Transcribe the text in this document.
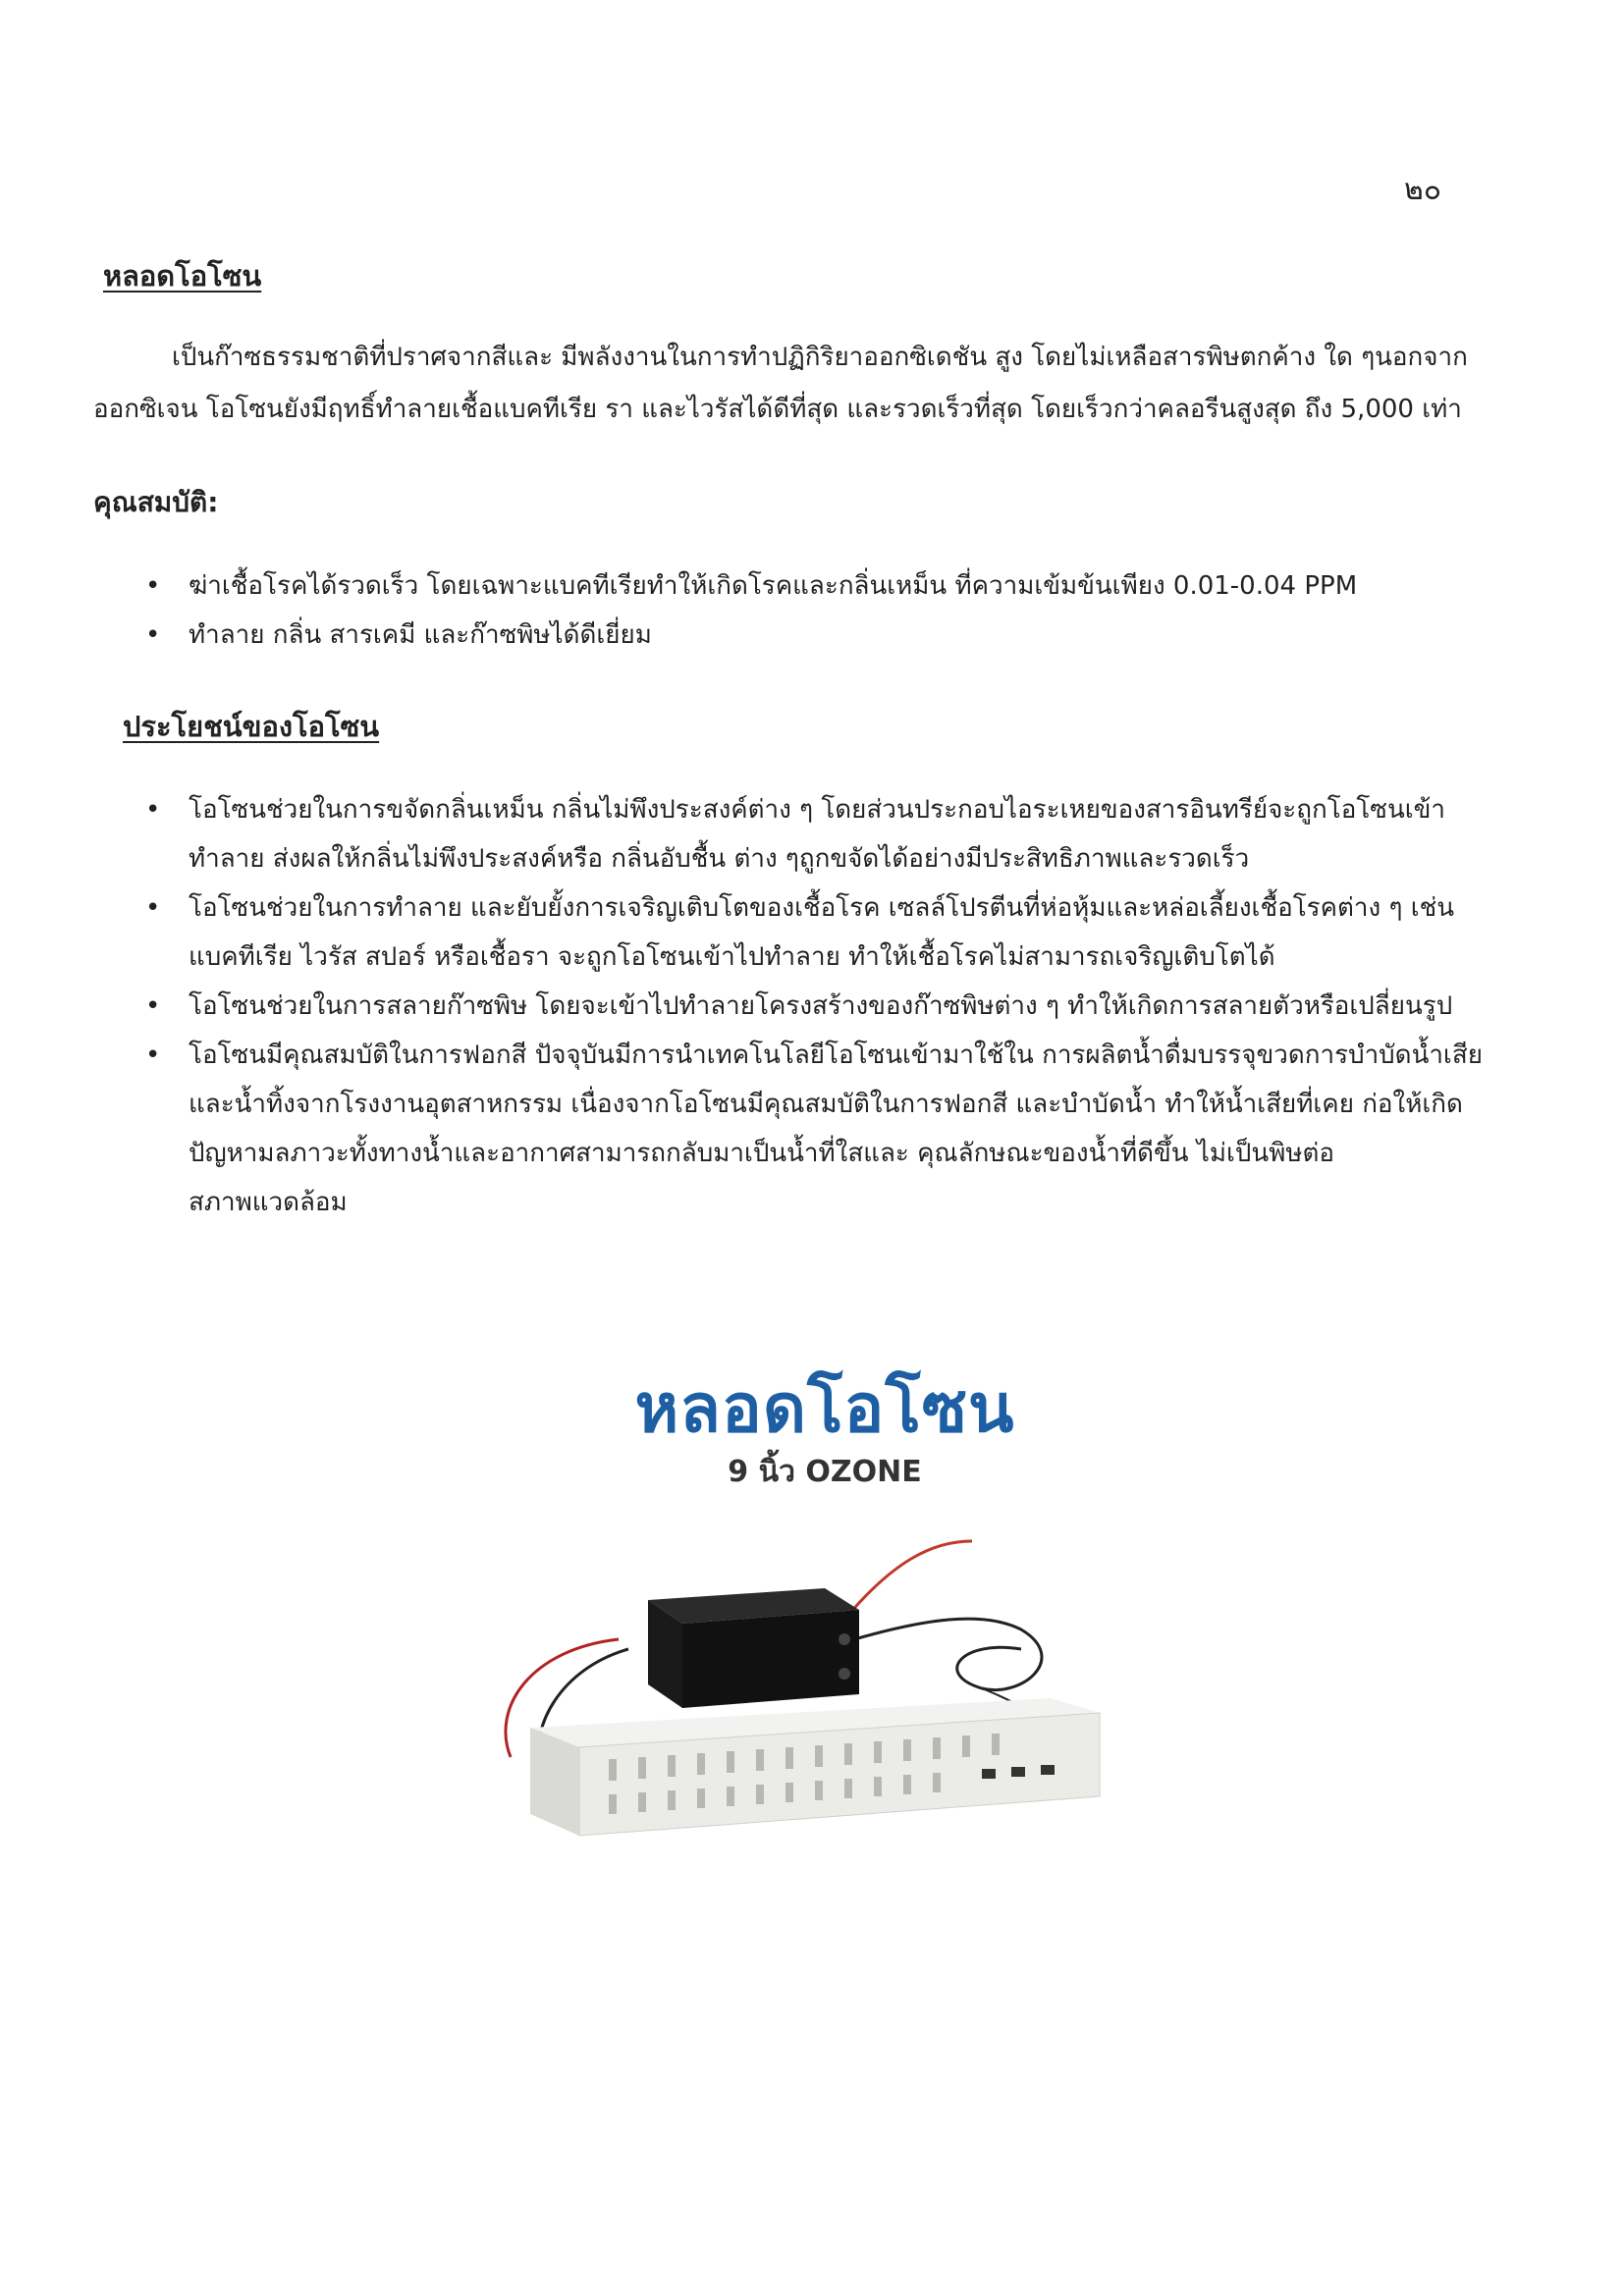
๒๐
หลอดโอโซน

เป็นก๊าซธรรมชาติที่ปราศจากสีและ มีพลังงานในการทำปฏิกิริยาออกซิเดชัน สูง โดยไม่เหลือสารพิษตกค้าง ใด ๆนอกจาก
ออกซิเจน โอโซนยังมีฤทธิ์ทำลายเชื้อแบคทีเรีย รา และไวรัสได้ดีที่สุด และรวดเร็วที่สุด โดยเร็วกว่าคลอรีนสูงสุด ถึง 5,000 เท่า

คุณสมบัติ:
• ฆ่าเชื้อโรคได้รวดเร็ว โดยเฉพาะแบคทีเรียทำให้เกิดโรคและกลิ่นเหม็น ที่ความเข้มข้นเพียง 0.01-0.04 PPM
• ทำลาย กลิ่น สารเคมี และก๊าซพิษได้ดีเยี่ยม
ประโยชน์ของโอโซน
• โอโซนช่วยในการขจัดกลิ่นเหม็น กลิ่นไม่พึงประสงค์ต่าง ๆ โดยส่วนประกอบไอระเหยของสารอินทรีย์จะถูกโอโซนเข้า
ทำลาย ส่งผลให้กลิ่นไม่พึงประสงค์หรือ กลิ่นอับชื้น ต่าง ๆถูกขจัดได้อย่างมีประสิทธิภาพและรวดเร็ว
• โอโซนช่วยในการทำลาย และยับยั้งการเจริญเติบโตของเชื้อโรค เซลล์โปรตีนที่ห่อหุ้มและหล่อเลี้ยงเชื้อโรคต่าง ๆ เช่น
แบคทีเรีย ไวรัส สปอร์ หรือเชื้อรา จะถูกโอโซนเข้าไปทำลาย ทำให้เชื้อโรคไม่สามารถเจริญเติบโตได้
• โอโซนช่วยในการสลายก๊าซพิษ โดยจะเข้าไปทำลายโครงสร้างของก๊าซพิษต่าง ๆ ทำให้เกิดการสลายตัวหรือเปลี่ยนรูป
• โอโซนมีคุณสมบัติในการฟอกสี ปัจจุบันมีการนำเทคโนโลยีโอโซนเข้ามาใช้ใน การผลิตน้ำดื่มบรรจุขวดการบำบัดน้ำเสีย
และน้ำทิ้งจากโรงงานอุตสาหกรรม เนื่องจากโอโซนมีคุณสมบัติในการฟอกสี และบำบัดน้ำ ทำให้น้ำเสียที่เคย ก่อให้เกิด
ปัญหามลภาวะทั้งทางน้ำและอากาศสามารถกลับมาเป็นน้ำที่ใสและ คุณลักษณะของน้ำที่ดีขึ้น ไม่เป็นพิษต่อ
สภาพแวดล้อม
หลอดโอโซน
9 นิ้ว OZONE
